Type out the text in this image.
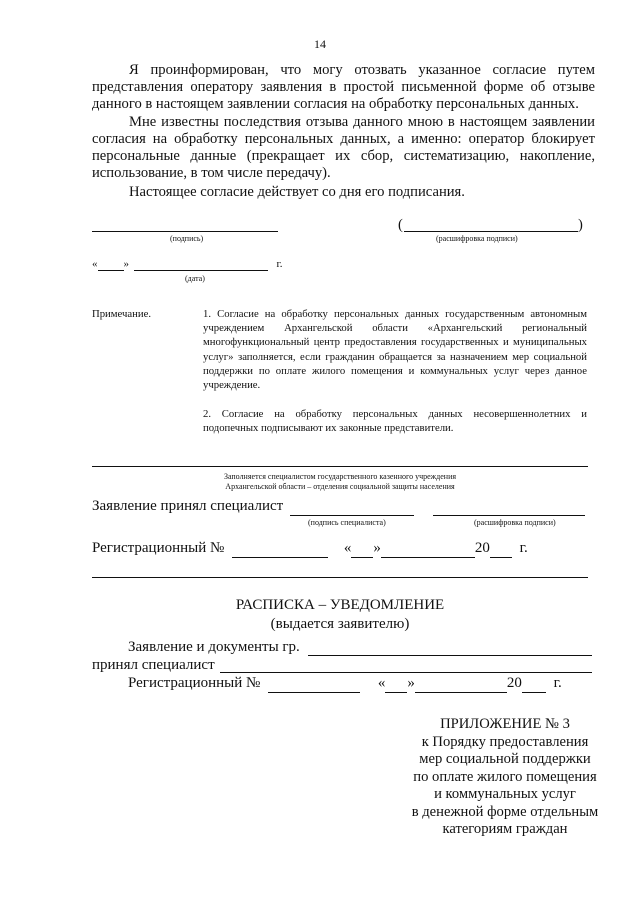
14

Я проинформирован, что могу отозвать указанное согласие путем представления оператору заявления в простой письменной форме об отзыве данного в настоящем заявлении согласия на обработку персональных данных.

Мне известны последствия отзыва данного мною в настоящем заявлении согласия на обработку персональных данных, а именно: оператор блокирует персональные данные (прекращает их сбор, систематизацию, накопление, использование, в том числе передачу).

Настоящее согласие действует со дня его подписания.

(подпись)
(	)
(расшифровка подписи)
« »	г.
(дата)
Примечание.	1. Согласие на обработку персональных данных государственным автономным учреждением Архангельской области «Архангельский региональный многофункциональный центр предоставления государственных и муниципальных услуг» заполняется, если гражданин обращается за назначением мер социальной поддержки по оплате жилого помещения и коммунальных услуг через данное учреждение.

2. Согласие на обработку персональных данных несовершеннолетних и подопечных подписывают их законные представители.

Заполняется специалистом государственного казенного учреждения
Архангельской области – отделения социальной защиты населения
Заявление принял специалист
(подпись специалиста)	(расшифровка подписи)
Регистрационный №	« »	20 г.
РАСПИСКА – УВЕДОМЛЕНИЕ
(выдается заявителю)
Заявление и документы гр.
принял специалист
Регистрационный №	« »	20 г.
ПРИЛОЖЕНИЕ № 3
к Порядку предоставления
мер социальной поддержки
по оплате жилого помещения
и коммунальных услуг
в денежной форме отдельным
категориям граждан
